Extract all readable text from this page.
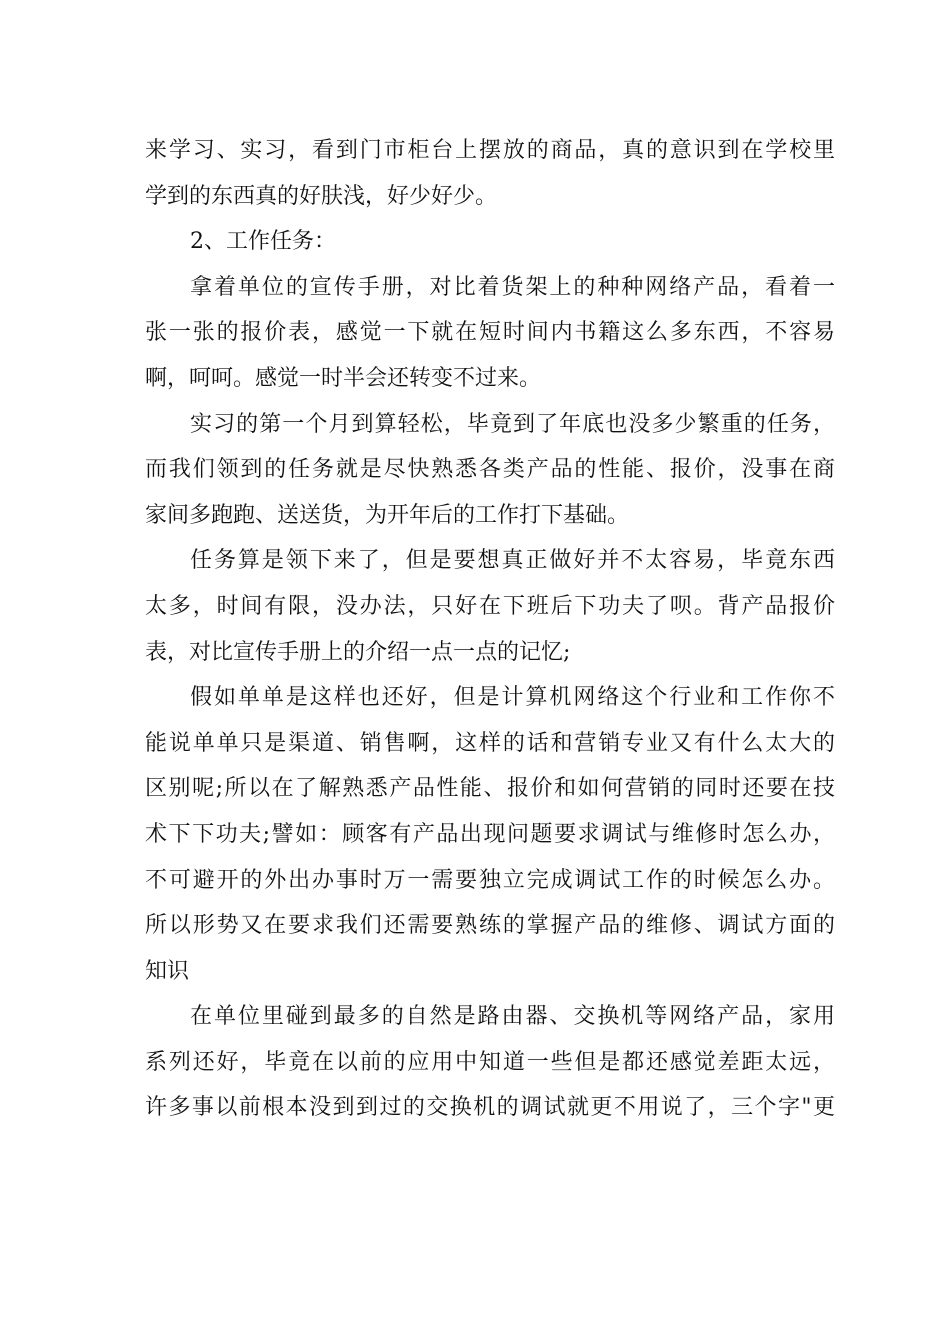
来学习、实习，看到门市柜台上摆放的商品，真的意识到在学校里
学到的东西真的好肤浅，好少好少。
2、工作任务：
拿着单位的宣传手册，对比着货架上的种种网络产品，看着一
张一张的报价表，感觉一下就在短时间内书籍这么多东西，不容易
啊，呵呵。感觉一时半会还转变不过来。
实习的第一个月到算轻松，毕竟到了年底也没多少繁重的任务，
而我们领到的任务就是尽快熟悉各类产品的性能、报价，没事在商
家间多跑跑、送送货，为开年后的工作打下基础。
任务算是领下来了，但是要想真正做好并不太容易，毕竟东西
太多，时间有限，没办法，只好在下班后下功夫了呗。背产品报价
表，对比宣传手册上的介绍一点一点的记忆;
假如单单是这样也还好，但是计算机网络这个行业和工作你不
能说单单只是渠道、销售啊，这样的话和营销专业又有什么太大的
区别呢;所以在了解熟悉产品性能、报价和如何营销的同时还要在技
术下下功夫;譬如：顾客有产品出现问题要求调试与维修时怎么办，
不可避开的外出办事时万一需要独立完成调试工作的时候怎么办。
所以形势又在要求我们还需要熟练的掌握产品的维修、调试方面的
知识
在单位里碰到最多的自然是路由器、交换机等网络产品，家用
系列还好，毕竟在以前的应用中知道一些但是都还感觉差距太远，
许多事以前根本没到到过的交换机的调试就更不用说了，三个字"更
